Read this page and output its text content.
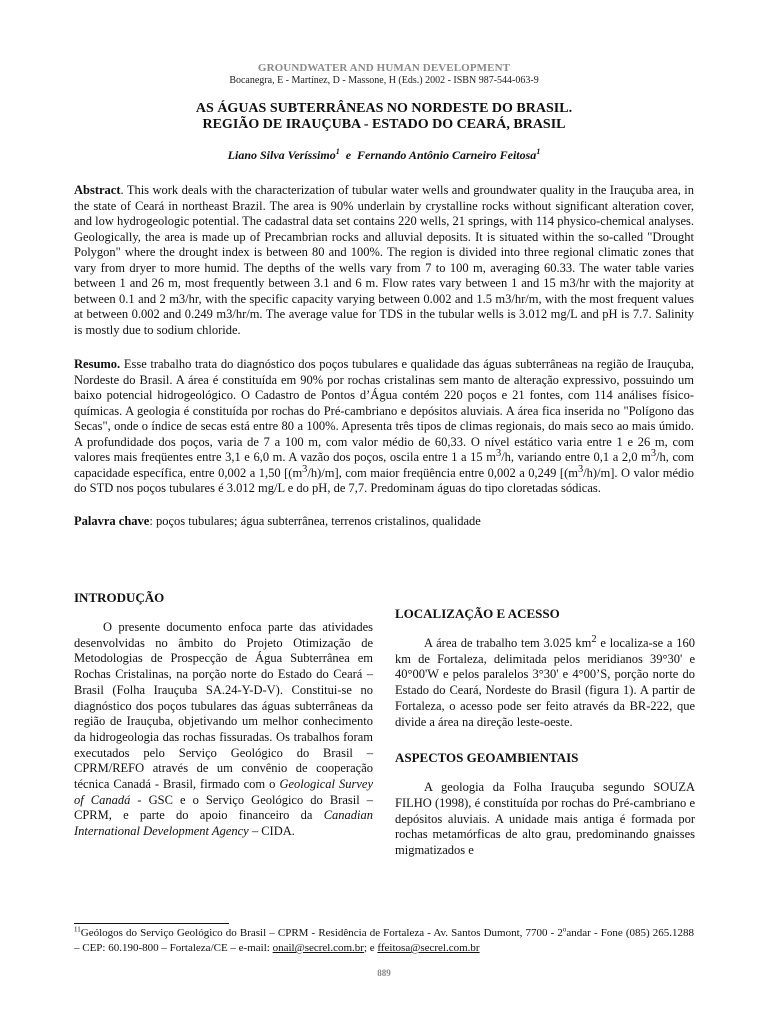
GROUNDWATER AND HUMAN DEVELOPMENT
Bocanegra, E - Martínez, D - Massone, H (Eds.) 2002 - ISBN 987-544-063-9
AS ÁGUAS SUBTERRÂNEAS NO NORDESTE DO BRASIL.
REGIÃO DE IRAUÇUBA - ESTADO DO CEARÁ, BRASIL
Liano Silva Veríssimo$^1$ e Fernando Antônio Carneiro Feitosa$^1$
Abstract. This work deals with the characterization of tubular water wells and groundwater quality in the Irauçuba area, in the state of Ceará in northeast Brazil. The area is 90% underlain by crystalline rocks without significant alteration cover, and low hydrogeologic potential. The cadastral data set contains 220 wells, 21 springs, with 114 physico-chemical analyses. Geologically, the area is made up of Precambrian rocks and alluvial deposits. It is situated within the so-called "Drought Polygon" where the drought index is between 80 and 100%. The region is divided into three regional climatic zones that vary from dryer to more humid. The depths of the wells vary from 7 to 100 m, averaging 60.33. The water table varies between 1 and 26 m, most frequently between 3.1 and 6 m. Flow rates vary between 1 and 15 m3/hr with the majority at between 0.1 and 2 m3/hr, with the specific capacity varying between 0.002 and 1.5 m3/hr/m, with the most frequent values at between 0.002 and 0.249 m3/hr/m. The average value for TDS in the tubular wells is 3.012 mg/L and pH is 7.7. Salinity is mostly due to sodium chloride.
Resumo. Esse trabalho trata do diagnóstico dos poços tubulares e qualidade das águas subterrâneas na região de Irauçuba, Nordeste do Brasil. A área é constituída em 90% por rochas cristalinas sem manto de alteração expressivo, possuindo um baixo potencial hidrogeológico. O Cadastro de Pontos d’Água contém 220 poços e 21 fontes, com 114 análises físico-químicas. A geologia é constituída por rochas do Pré-cambriano e depósitos aluviais. A área fica inserida no "Polígono das Secas", onde o índice de secas está entre 80 a 100%. Apresenta três tipos de climas regionais, do mais seco ao mais úmido. A profundidade dos poços, varia de 7 a 100 m, com valor médio de 60,33. O nível estático varia entre 1 e 26 m, com valores mais freqüentes entre 3,1 e 6,0 m. A vazão dos poços, oscila entre 1 a 15 $m^3/h$, variando entre 0,1 a 2,0 $m^3/h$, com capacidade específica, entre 0,002 a 1,50 $[(m^3/h)/m]$, com maior freqüência entre 0,002 a 0,249 $[(m^3/h)/m]$. O valor médio do STD nos poços tubulares é 3.012 mg/L e do pH, de 7,7. Predominam águas do tipo cloretadas sódicas.
Palavra chave: poços tubulares; água subterrânea, terrenos cristalinos, qualidade
INTRODUÇÃO
O presente documento enfoca parte das atividades desenvolvidas no âmbito do Projeto Otimização de Metodologias de Prospecção de Água Subterrânea em Rochas Cristalinas, na porção norte do Estado do Ceará – Brasil (Folha Irauçuba SA.24-Y-D-V). Constitui-se no diagnóstico dos poços tubulares das águas subterrâneas da região de Irauçuba, objetivando um melhor conhecimento da hidrogeologia das rochas fissuradas. Os trabalhos foram executados pelo Serviço Geológico do Brasil – CPRM/REFO através de um convênio de cooperação técnica Canadá - Brasil, firmado com o Geological Survey of Canadá - GSC e o Serviço Geológico do Brasil – CPRM, e parte do apoio financeiro da Canadian International Development Agency – CIDA.
LOCALIZAÇÃO E ACESSO
A área de trabalho tem 3.025 $km^2$ e localiza-se a 160 km de Fortaleza, delimitada pelos meridianos 39°30' e 40°00'W e pelos paralelos 3°30' e 4°00’S, porção norte do Estado do Ceará, Nordeste do Brasil (figura 1). A partir de Fortaleza, o acesso pode ser feito através da BR-222, que divide a área na direção leste-oeste.
ASPECTOS GEOAMBIENTAIS
A geologia da Folha Irauçuba segundo SOUZA FILHO (1998), é constituída por rochas do Pré-cambriano e depósitos aluviais. A unidade mais antiga é formada por rochas metamórficas de alto grau, predominando gnaisses migmatizados e
$^{11}$Geólogos do Serviço Geológico do Brasil – CPRM - Residência de Fortaleza - Av. Santos Dumont, 7700 - 2$^o$andar - Fone (085) 265.1288 – CEP: 60.190-800 – Fortaleza/CE – e-mail: onail@secrel.com.br; e ffeitosa@secrel.com.br
889
